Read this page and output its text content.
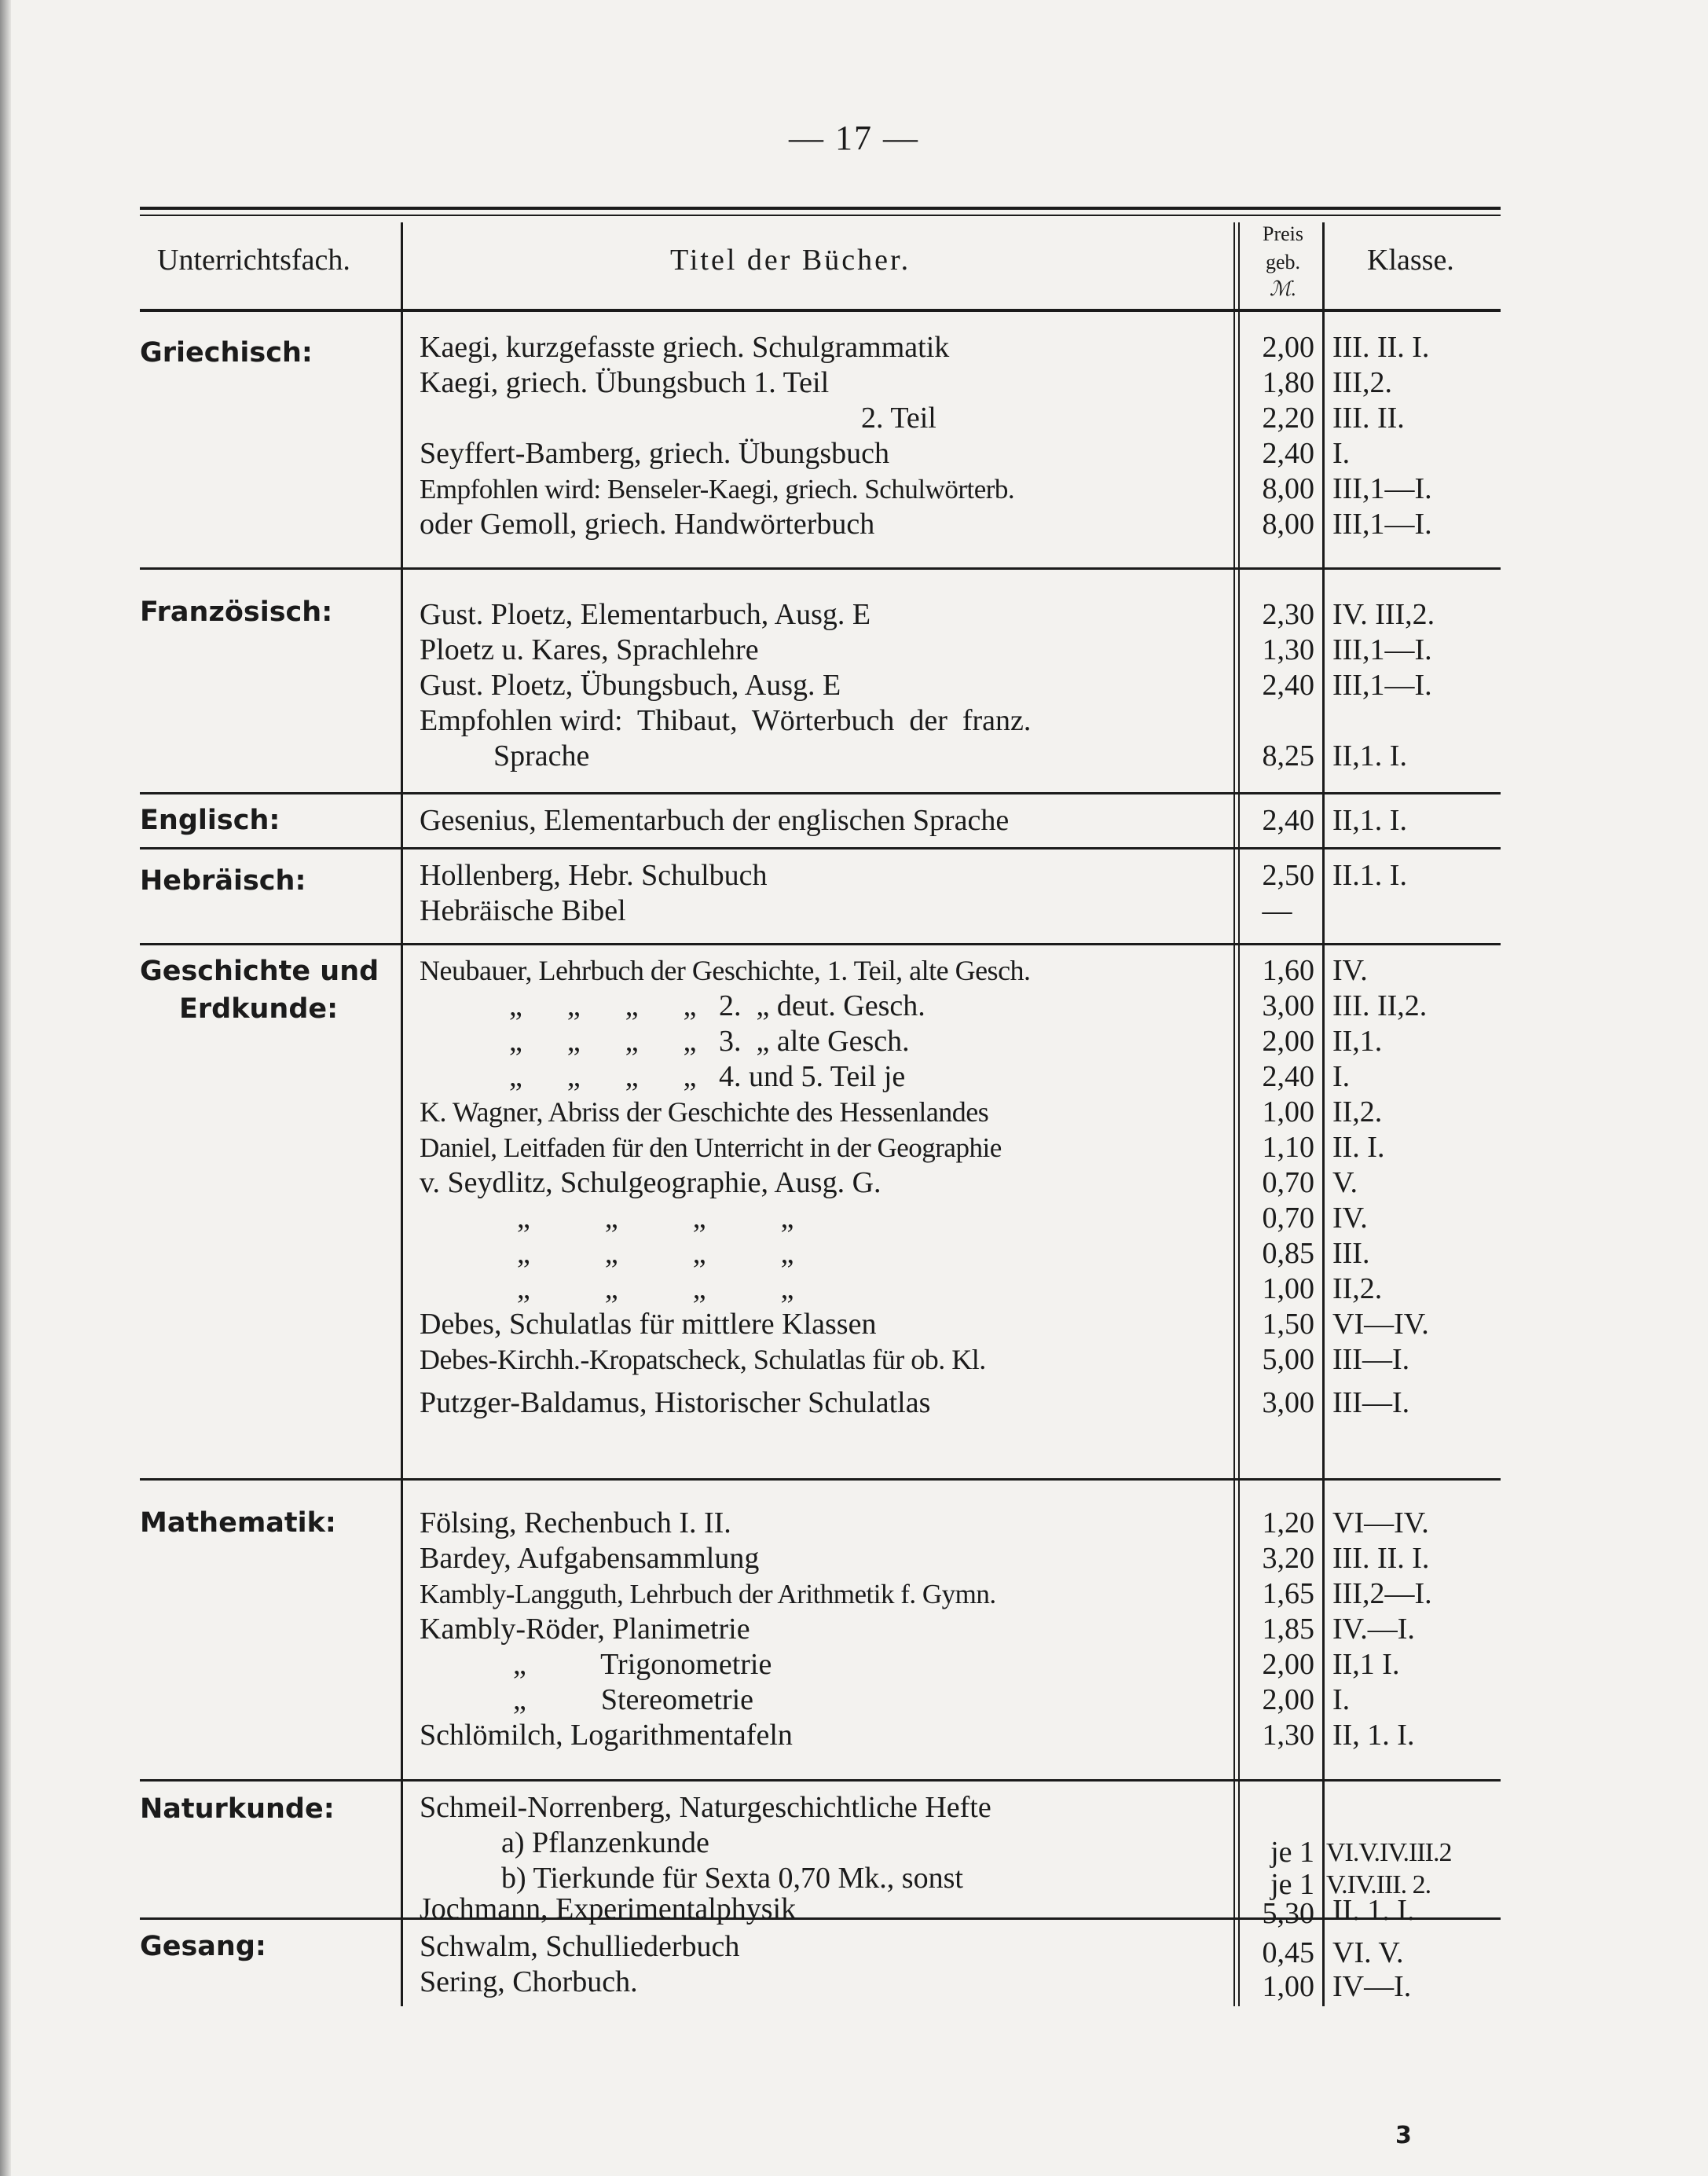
— 17 —
Unterrichtsfach.	Titel der Bücher.
Preis
geb.
ℳ.
Klasse.
Griechisch:	Kaegi, kurzgefasste griech. Schulgrammatik	2,00 III. II. I.
Kaegi, griech. Übungsbuch 1. Teil	1,80 III,2.
2. Teil	2,20 III. II.
Seyffert-Bamberg, griech. Übungsbuch	2,40 I.
Empfohlen wird: Benseler-Kaegi, griech. Schulwörterb.	8,00 III,1—I.
oder Gemoll, griech. Handwörterbuch	8,00 III,1—I.
Französisch:	Gust. Ploetz, Elementarbuch, Ausg. E	2,30 IV. III,2.
Ploetz u. Kares, Sprachlehre	1,30 III,1—I.
Gust. Ploetz, Übungsbuch, Ausg. E	2,40 III,1—I.
Empfohlen wird:  Thibaut,  Wörterbuch  der  franz.
Sprache	8,25 II,1. I.
Englisch:	Gesenius, Elementarbuch der englischen Sprache	2,40 II,1. I.
Hebräisch:	Hollenberg, Hebr. Schulbuch	2,50 II.1. I.
Hebräische Bibel	—
Geschichte und
Erdkunde:
Neubauer, Lehrbuch der Geschichte, 1. Teil, alte Gesch.	1,60 IV.
„      „      „      „   2.  „ deut. Gesch.	3,00 III. II,2.
„      „      „      „   3.  „ alte Gesch.	2,00 II,1.
„      „      „      „   4. und 5. Teil je	2,40 I.
K. Wagner, Abriss der Geschichte des Hessenlandes	1,00 II,2.
Daniel, Leitfaden für den Unterricht in der Geographie	1,10 II. I.
v. Seydlitz, Schulgeographie, Ausg. G.	0,70 V.
„          „          „          „	0,70 IV.
„          „          „          „	0,85 III.
„          „          „          „	1,00 II,2.
Debes, Schulatlas für mittlere Klassen	1,50 VI—IV.
Debes-Kirchh.-Kropatscheck, Schulatlas für ob. Kl.	5,00 III—I.
Putzger-Baldamus, Historischer Schulatlas	3,00 III—I.
Mathematik:	Fölsing, Rechenbuch I. II.	1,20 VI—IV.
Bardey, Aufgabensammlung	3,20 III. II. I.
Kambly-Langguth, Lehrbuch der Arithmetik f. Gymn.	1,65 III,2—I.
Kambly-Röder, Planimetrie	1,85 IV.—I.
„          Trigonometrie	2,00 II,1 I.
„          Stereometrie	2,00 I.
Schlömilch, Logarithmentafeln	1,30 II, 1. I.
Naturkunde:	Schmeil-Norrenberg, Naturgeschichtliche Hefte
a) Pflanzenkunde	je 1 VI.V.IV.III.2
b) Tierkunde für Sexta 0,70 Mk., sonst	je 1 V.IV.III. 2.
Jochmann, Experimentalphysik	5,30 II. 1. I.
Gesang:	Schwalm, Schulliederbuch	0,45 VI. V.
Sering, Chorbuch.	1,00 IV—I.
3
